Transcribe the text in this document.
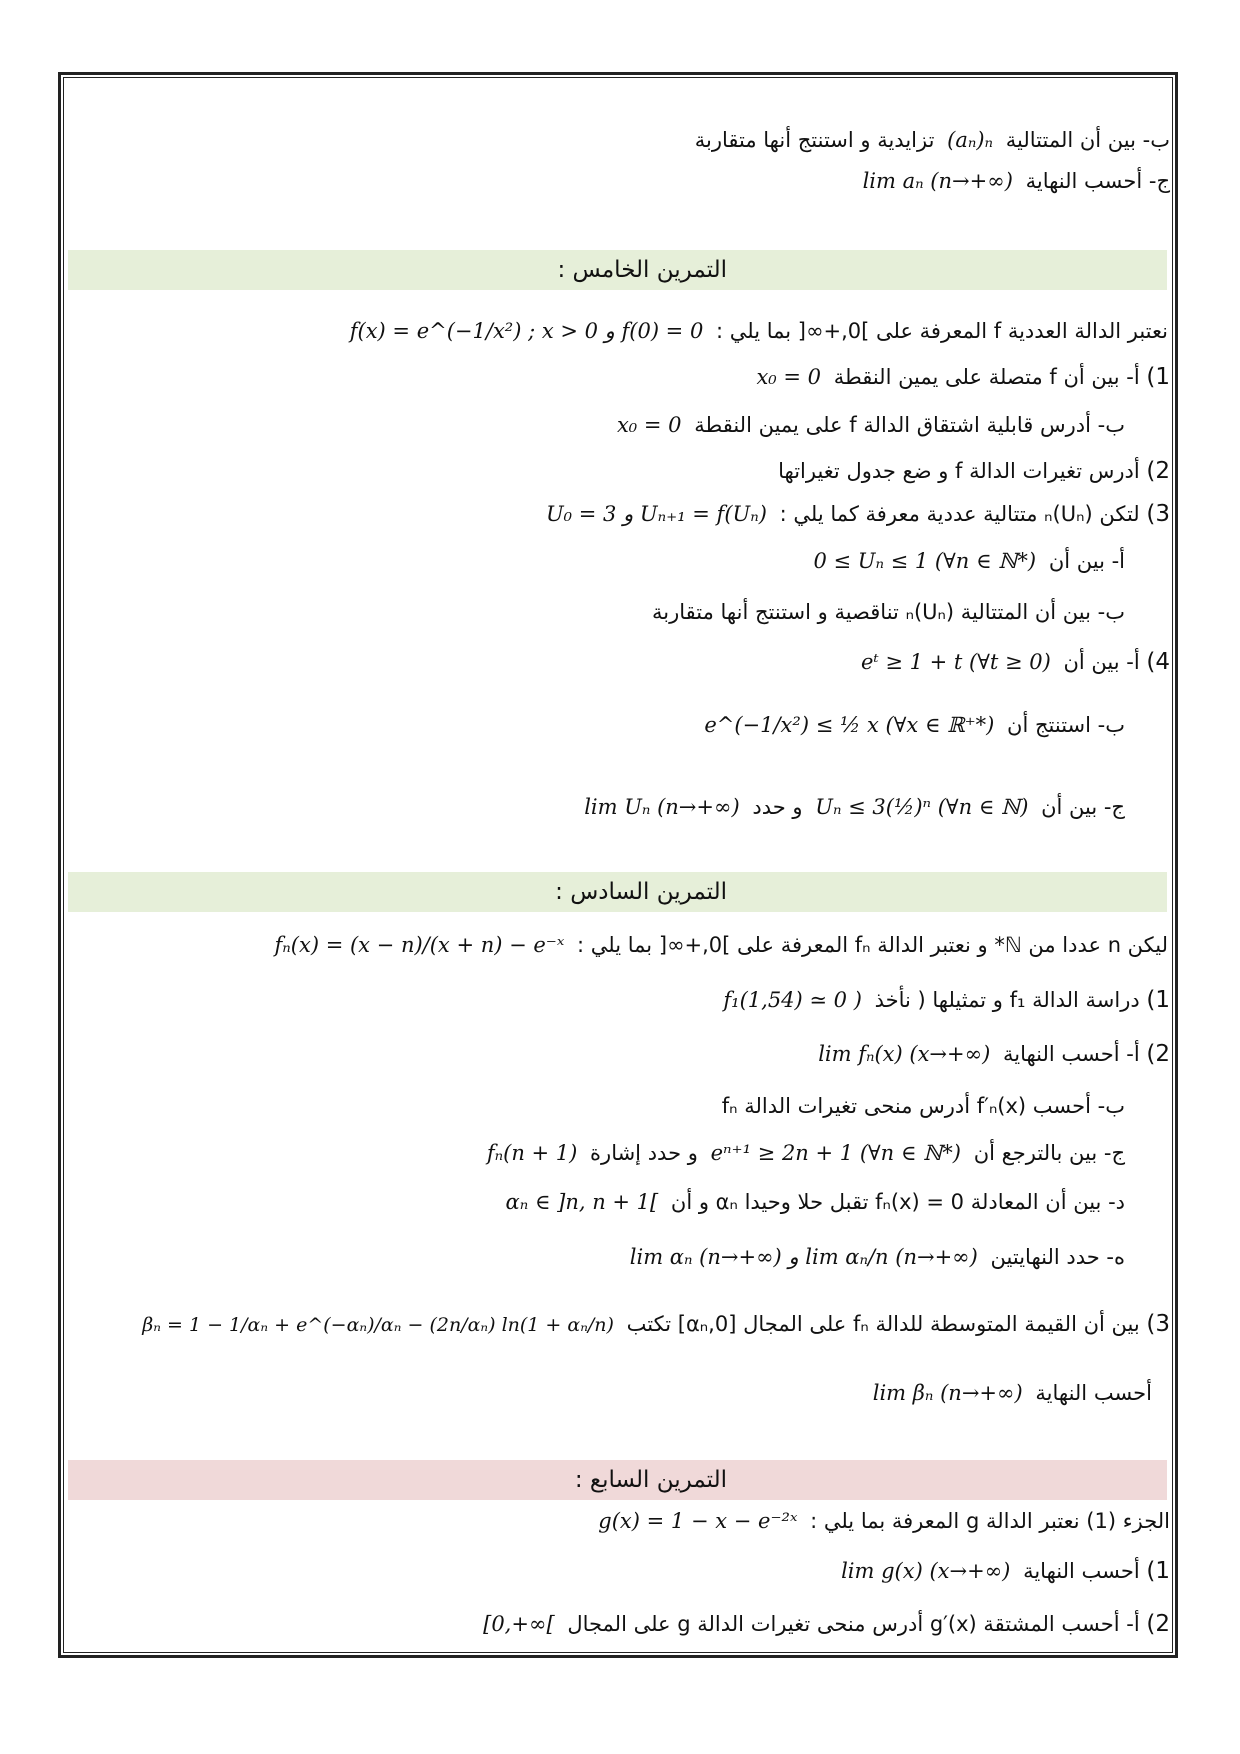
ب- بين أن المتتالية (aₙ)ₙ تزايدية و استنتج أنها متقاربة
ج- أحسب النهاية lim aₙ (n→+∞)
التمرين الخامس :
نعتبر الدالة العددية f المعرفة على ]0,+∞[ بما يلي : f(x) = e^(−1/x²) ; x > 0 و f(0) = 0
1) أ- بين أن f متصلة على يمين النقطة x₀ = 0
ب- أدرس قابلية اشتقاق الدالة f على يمين النقطة x₀ = 0
2) أدرس تغيرات الدالة f و ضع جدول تغيراتها
3) لتكن (Uₙ)ₙ متتالية عددية معرفة كما يلي : U₀ = 3 و Uₙ₊₁ = f(Uₙ)
أ- بين أن 0 ≤ Uₙ ≤ 1 (∀n ∈ ℕ*)
ب- بين أن المتتالية (Uₙ)ₙ تناقصية و استنتج أنها متقاربة
4) أ- بين أن eᵗ ≥ 1 + t (∀t ≥ 0)
ب- استنتج أن e^(−1/x²) ≤ ½ x (∀x ∈ ℝ⁺*)
ج- بين أن Uₙ ≤ 3(½)ⁿ (∀n ∈ ℕ) و حدد lim Uₙ (n→+∞)
التمرين السادس :
ليكن n عددا من ℕ* و نعتبر الدالة fₙ المعرفة على ]0,+∞[ بما يلي : fₙ(x) = (x − n)/(x + n) − e⁻ˣ
1) دراسة الدالة f₁ و تمثيلها ( نأخذ f₁(1,54) ≃ 0 )
2) أ- أحسب النهاية lim fₙ(x) (x→+∞)
ب- أحسب f′ₙ(x) أدرس منحى تغيرات الدالة fₙ
ج- بين بالترجع أن eⁿ⁺¹ ≥ 2n + 1 (∀n ∈ ℕ*) و حدد إشارة fₙ(n + 1)
د- بين أن المعادلة fₙ(x) = 0 تقبل حلا وحيدا αₙ و أن αₙ ∈ ]n, n + 1[
ه- حدد النهايتين lim αₙ (n→+∞) و lim αₙ/n (n→+∞)
3) بين أن القيمة المتوسطة للدالة fₙ على المجال [0,αₙ] تكتب βₙ = 1 − 1/αₙ + e^(−αₙ)/αₙ − (2n/αₙ) ln(1 + αₙ/n)
أحسب النهاية lim βₙ (n→+∞)
التمرين السابع :
الجزء (1) نعتبر الدالة g المعرفة بما يلي : g(x) = 1 − x − e⁻²ˣ
1) أحسب النهاية lim g(x) (x→+∞)
2) أ- أحسب المشتقة g′(x) أدرس منحى تغيرات الدالة g على المجال [0,+∞[
